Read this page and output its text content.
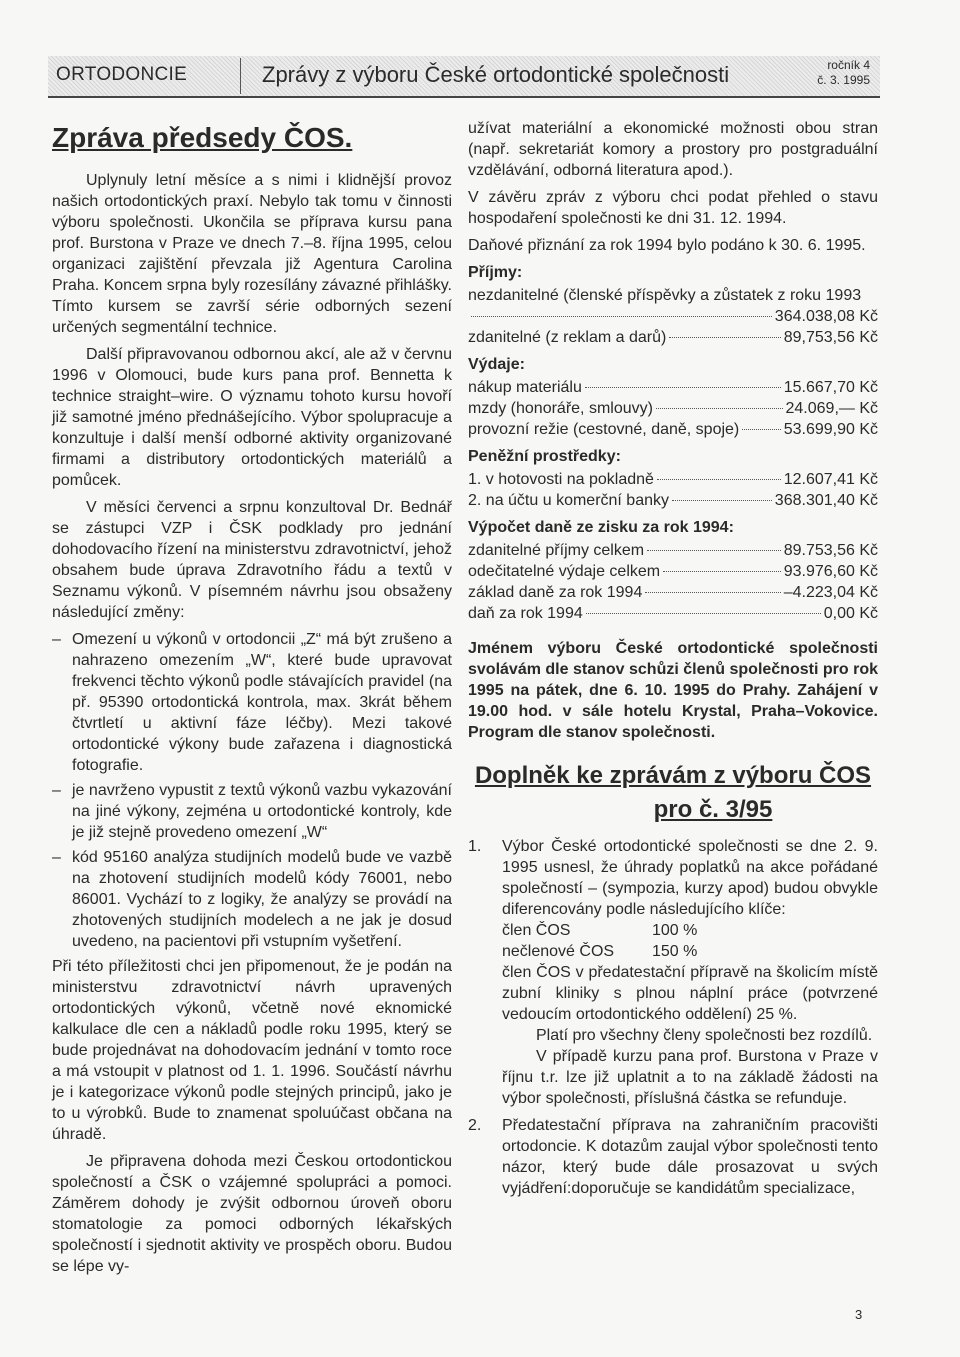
ORTODONCIE	Zprávy z výboru České ortodontické společnosti	ročník 4
č. 3. 1995
Zpráva předsedy ČOS.

Uplynuly letní měsíce a s nimi i klidnější provoz našich ortodontických praxí. Nebylo tak tomu v činnosti výboru společnosti. Ukončila se příprava kursu pana prof. Burstona v Praze ve dnech 7.–8. října 1995, celou organizaci zajištění převzala již Agentura Carolina Praha. Koncem srpna byly rozesílány závazné přihlášky. Tímto kursem se završí série odborných sezení určených segmentální technice.

Další připravovanou odbornou akcí, ale až v červnu 1996 v Olomouci, bude kurs pana prof. Bennetta k technice straight–wire. O významu tohoto kursu hovoří již samotné jméno přednášejícího. Výbor spolupracuje a konzultuje i další menší odborné aktivity organizované firmami a distributory ortodontických materiálů a pomůcek.

V měsíci červenci a srpnu konzultoval Dr. Bednář se zástupci VZP i ČSK podklady pro jednání dohodovacího řízení na ministerstvu zdravotnictví, jehož obsahem bude úprava Zdravotního řádu a textů v Seznamu výkonů. V písemném návrhu jsou obsaženy následující změny:

– Omezení u výkonů v ortodoncii „Z“ má být zrušeno a nahrazeno omezením „W“, které bude upravovat frekvenci těchto výkonů podle stávajících pravidel (na př. 95390 ortodontická kontrola, max. 3krát během čtvrtletí u aktivní fáze léčby). Mezi takové ortodontické výkony bude zařazena i diagnostická fotografie.
– je navrženo vypustit z textů výkonů vazbu vykazování na jiné výkony, zejména u ortodontické kontroly, kde je již stejně provedeno omezení „W“
– kód 95160 analýza studijních modelů bude ve vazbě na zhotovení studijních modelů kódy 76001, nebo 86001. Vychází to z logiky, že analýzy se provádí na zhotovených studijních modelech a ne jak je dosud uvedeno, na pacientovi při vstupním vyšetření.

Při této příležitosti chci jen připomenout, že je podán na ministerstvu zdravotnictví návrh upravených ortodontických výkonů, včetně nové eknomické kalkulace dle cen a nákladů podle roku 1995, který se bude projednávat na dohodovacím jednání v tomto roce a má vstoupit v platnost od 1. 1. 1996. Součástí návrhu je i kategorizace výkonů podle stejných principů, jako je to u výrobků. Bude to znamenat spoluúčast občana na úhradě.

Je připravena dohoda mezi Českou ortodontickou společností a ČSK o vzájemné spolupráci a pomoci. Záměrem dohody je zvýšit odbornou úroveň oboru stomatologie za pomoci odborných lékařských společností i sjednotit aktivity ve prospěch oboru. Budou se lépe vy-

užívat materiální a ekonomické možnosti obou stran (např. sekretariát komory a prostory pro postgraduální vzdělávání, odborná literatura apod.).

V závěru zpráv z výboru chci podat přehled o stavu hospodaření společnosti ke dni 31. 12. 1994.

Daňové přiznání za rok 1994 bylo podáno k 30. 6. 1995.

Příjmy:
nezdanitelné (členské příspěvky a zůstatek z roku 1993
364.038,08 Kč
zdanitelné (z reklam a darů)	89,753,56 Kč
Výdaje:
nákup materiálu	15.667,70 Kč
mzdy (honoráře, smlouvy)	24.069,— Kč
provozní režie (cestovné, daně, spoje)	53.699,90 Kč
Peněžní prostředky:
1. v hotovosti na pokladně	12.607,41 Kč
2. na účtu u komerční banky	368.301,40 Kč
Výpočet daně ze zisku za rok 1994:
zdanitelné příjmy celkem	89.753,56 Kč
odečitatelné výdaje celkem	93.976,60 Kč
základ daně za rok 1994	–4.223,04 Kč
daň za rok 1994	0,00 Kč

Jménem výboru České ortodontické společnosti svolávám dle stanov schůzi členů společnosti pro rok 1995 na pátek, dne 6. 10. 1995 do Prahy. Zahájení v 19.00 hod. v sále hotelu Krystal, Praha–Vokovice. Program dle stanov společnosti.

Doplněk ke zprávám z výboru ČOS
pro č. 3/95
1. Výbor České ortodontické společnosti se dne 2. 9. 1995 usnesl, že úhrady poplatků na akce pořádané společností – (sympozia, kurzy apod) budou obvykle diferencovány podle následujícího klíče:
člen ČOS	100 %
nečlenové ČOS	150 %
člen ČOS v předatestační přípravě na školicím místě zubní kliniky s plnou náplní práce (potvrzené vedoucím ortodontického oddělení) 25 %.
Platí pro všechny členy společnosti bez rozdílů.
V případě kurzu pana prof. Burstona v Praze v říjnu t.r. lze již uplatnit a to na základě žádosti na výbor společnosti, příslušná částka se refunduje.
2. Předatestační příprava na zahraničním pracovišti ortodoncie. K dotazům zaujal výbor společnosti tento názor, který bude dále prosazovat u svých vyjádření:doporučuje se kandidátům specializace,
3
